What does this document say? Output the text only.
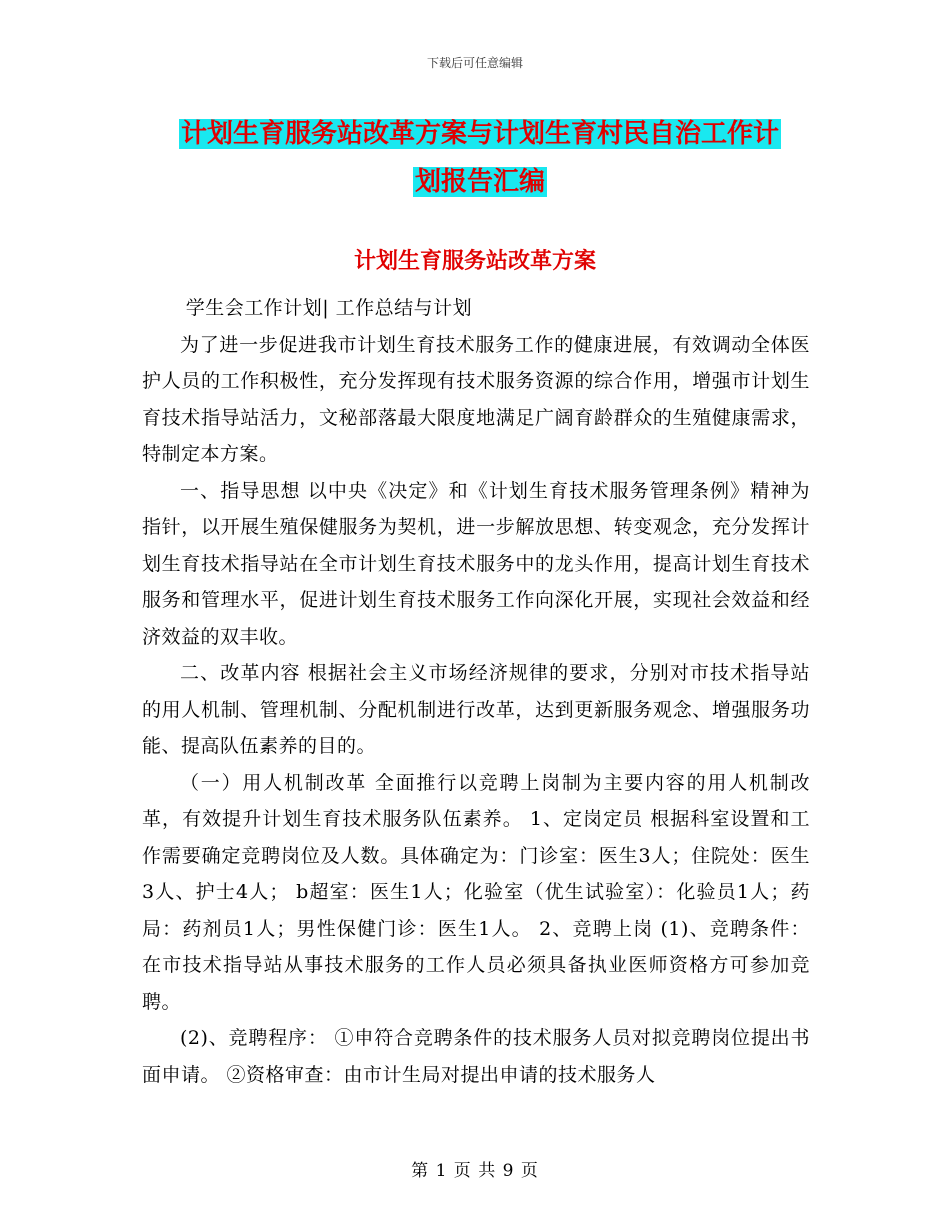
下载后可任意编辑
计划生育服务站改革方案与计划生育村民自治工作计
划报告汇编
计划生育服务站改革方案

学生会工作计划| 工作总结与计划

为了进一步促进我市计划生育技术服务工作的健康进展，有效调动全体医护人员的工作积极性，充分发挥现有技术服务资源的综合作用，增强市计划生育技术指导站活力，文秘部落最大限度地满足广阔育龄群众的生殖健康需求，特制定本方案。

一、指导思想 以中央《决定》和《计划生育技术服务管理条例》精神为指针，以开展生殖保健服务为契机，进一步解放思想、转变观念，充分发挥计划生育技术指导站在全市计划生育技术服务中的龙头作用，提高计划生育技术服务和管理水平，促进计划生育技术服务工作向深化开展，实现社会效益和经济效益的双丰收。

二、改革内容 根据社会主义市场经济规律的要求，分别对市技术指导站的用人机制、管理机制、分配机制进行改革，达到更新服务观念、增强服务功能、提高队伍素养的目的。

（一）用人机制改革 全面推行以竞聘上岗制为主要内容的用人机制改革，有效提升计划生育技术服务队伍素养。 1、定岗定员 根据科室设置和工作需要确定竞聘岗位及人数。具体确定为：门诊室：医生3人；住院处：医生3人、护士4人； b超室：医生1人；化验室（优生试验室）：化验员1人；药局：药剂员1人；男性保健门诊：医生1人。 2、竞聘上岗 (1)、竞聘条件： 在市技术指导站从事技术服务的工作人员必须具备执业医师资格方可参加竞聘。

(2)、竞聘程序： ①申符合竞聘条件的技术服务人员对拟竞聘岗位提出书面申请。 ②资格审查：由市计生局对提出申请的技术服务人

第 1 页 共 9 页
